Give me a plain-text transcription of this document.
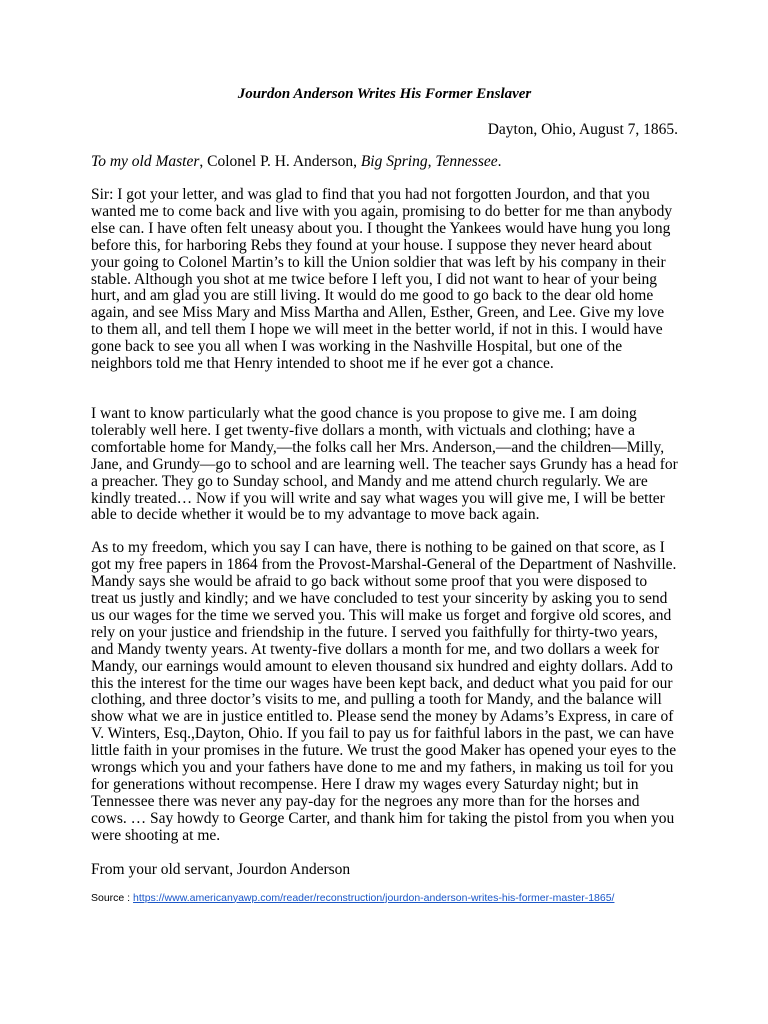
Jourdon Anderson Writes His Former Enslaver

Dayton, Ohio, August 7, 1865.

To my old Master, Colonel P. H. Anderson, Big Spring, Tennessee.

Sir: I got your letter, and was glad to find that you had not forgotten Jourdon, and that you wanted me to come back and live with you again, promising to do better for me than anybody else can. I have often felt uneasy about you. I thought the Yankees would have hung you long before this, for harboring Rebs they found at your house. I suppose they never heard about your going to Colonel Martin’s to kill the Union soldier that was left by his company in their stable. Although you shot at me twice before I left you, I did not want to hear of your being hurt, and am glad you are still living. It would do me good to go back to the dear old home again, and see Miss Mary and Miss Martha and Allen, Esther, Green, and Lee. Give my love to them all, and tell them I hope we will meet in the better world, if not in this. I would have gone back to see you all when I was working in the Nashville Hospital, but one of the neighbors told me that Henry intended to shoot me if he ever got a chance.

I want to know particularly what the good chance is you propose to give me. I am doing tolerably well here. I get twenty-five dollars a month, with victuals and clothing; have a comfortable home for Mandy,—the folks call her Mrs. Anderson,—and the children—Milly, Jane, and Grundy—go to school and are learning well. The teacher says Grundy has a head for a preacher. They go to Sunday school, and Mandy and me attend church regularly. We are kindly treated… Now if you will write and say what wages you will give me, I will be better able to decide whether it would be to my advantage to move back again.

As to my freedom, which you say I can have, there is nothing to be gained on that score, as I got my free papers in 1864 from the Provost-Marshal-General of the Department of Nashville. Mandy says she would be afraid to go back without some proof that you were disposed to treat us justly and kindly; and we have concluded to test your sincerity by asking you to send us our wages for the time we served you. This will make us forget and forgive old scores, and rely on your justice and friendship in the future. I served you faithfully for thirty-two years, and Mandy twenty years. At twenty-five dollars a month for me, and two dollars a week for Mandy, our earnings would amount to eleven thousand six hundred and eighty dollars. Add to this the interest for the time our wages have been kept back, and deduct what you paid for our clothing, and three doctor’s visits to me, and pulling a tooth for Mandy, and the balance will show what we are in justice entitled to. Please send the money by Adams’s Express, in care of V. Winters, Esq.,Dayton, Ohio. If you fail to pay us for faithful labors in the past, we can have little faith in your promises in the future. We trust the good Maker has opened your eyes to the wrongs which you and your fathers have done to me and my fathers, in making us toil for you for generations without recompense. Here I draw my wages every Saturday night; but in Tennessee there was never any pay-day for the negroes any more than for the horses and cows. … Say howdy to George Carter, and thank him for taking the pistol from you when you were shooting at me.

From your old servant, Jourdon Anderson

Source : https://www.americanyawp.com/reader/reconstruction/jourdon-anderson-writes-his-former-master-1865/
